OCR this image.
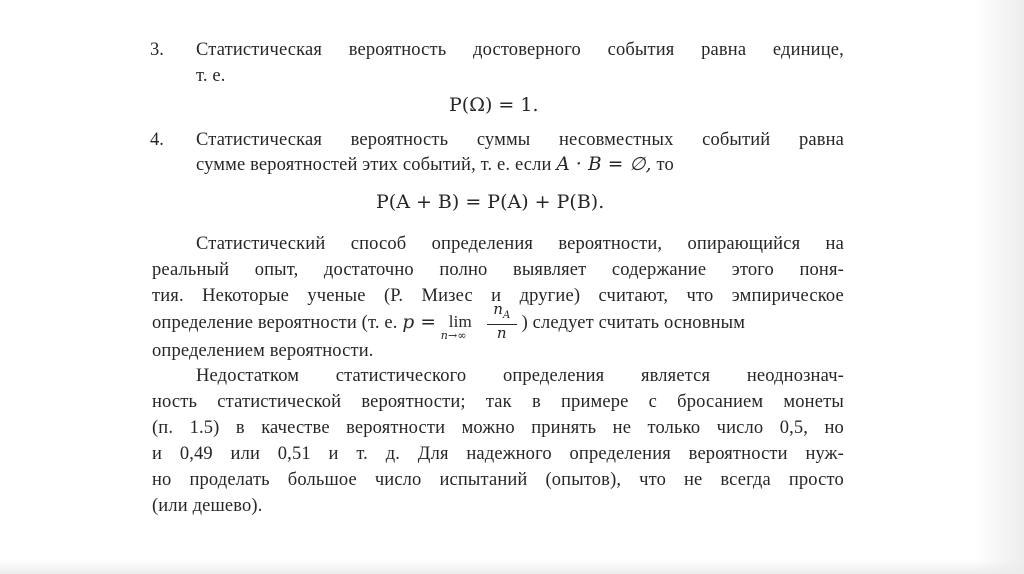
3. Статистическая вероятность достоверного события равна единице,
т. е.
P(Ω) = 1.
4. Статистическая вероятность суммы несовместных событий равна
сумме вероятностей этих событий, т. е. если A · B = ∅, то
P(A + B) = P(A) + P(B).
Статистический способ определения вероятности, опирающийся на
реальный опыт, достаточно полно выявляет содержание этого поня-
тия. Некоторые ученые (Р. Мизес и другие) считают, что эмпирическое
определение вероятности (т. е. p = lim
$n\to\infty \frac{n_A}{n}$ ) следует считать основным
определением вероятности.
Недостатком статистического определения является неоднознач-
ность статистической вероятности; так в примере с бросанием монеты
(п. 1.5) в качестве вероятности можно принять не только число 0,5, но
и 0,49 или 0,51 и т. д. Для надежного определения вероятности нуж-
но проделать большое число испытаний (опытов), что не всегда просто
(или дешево).
